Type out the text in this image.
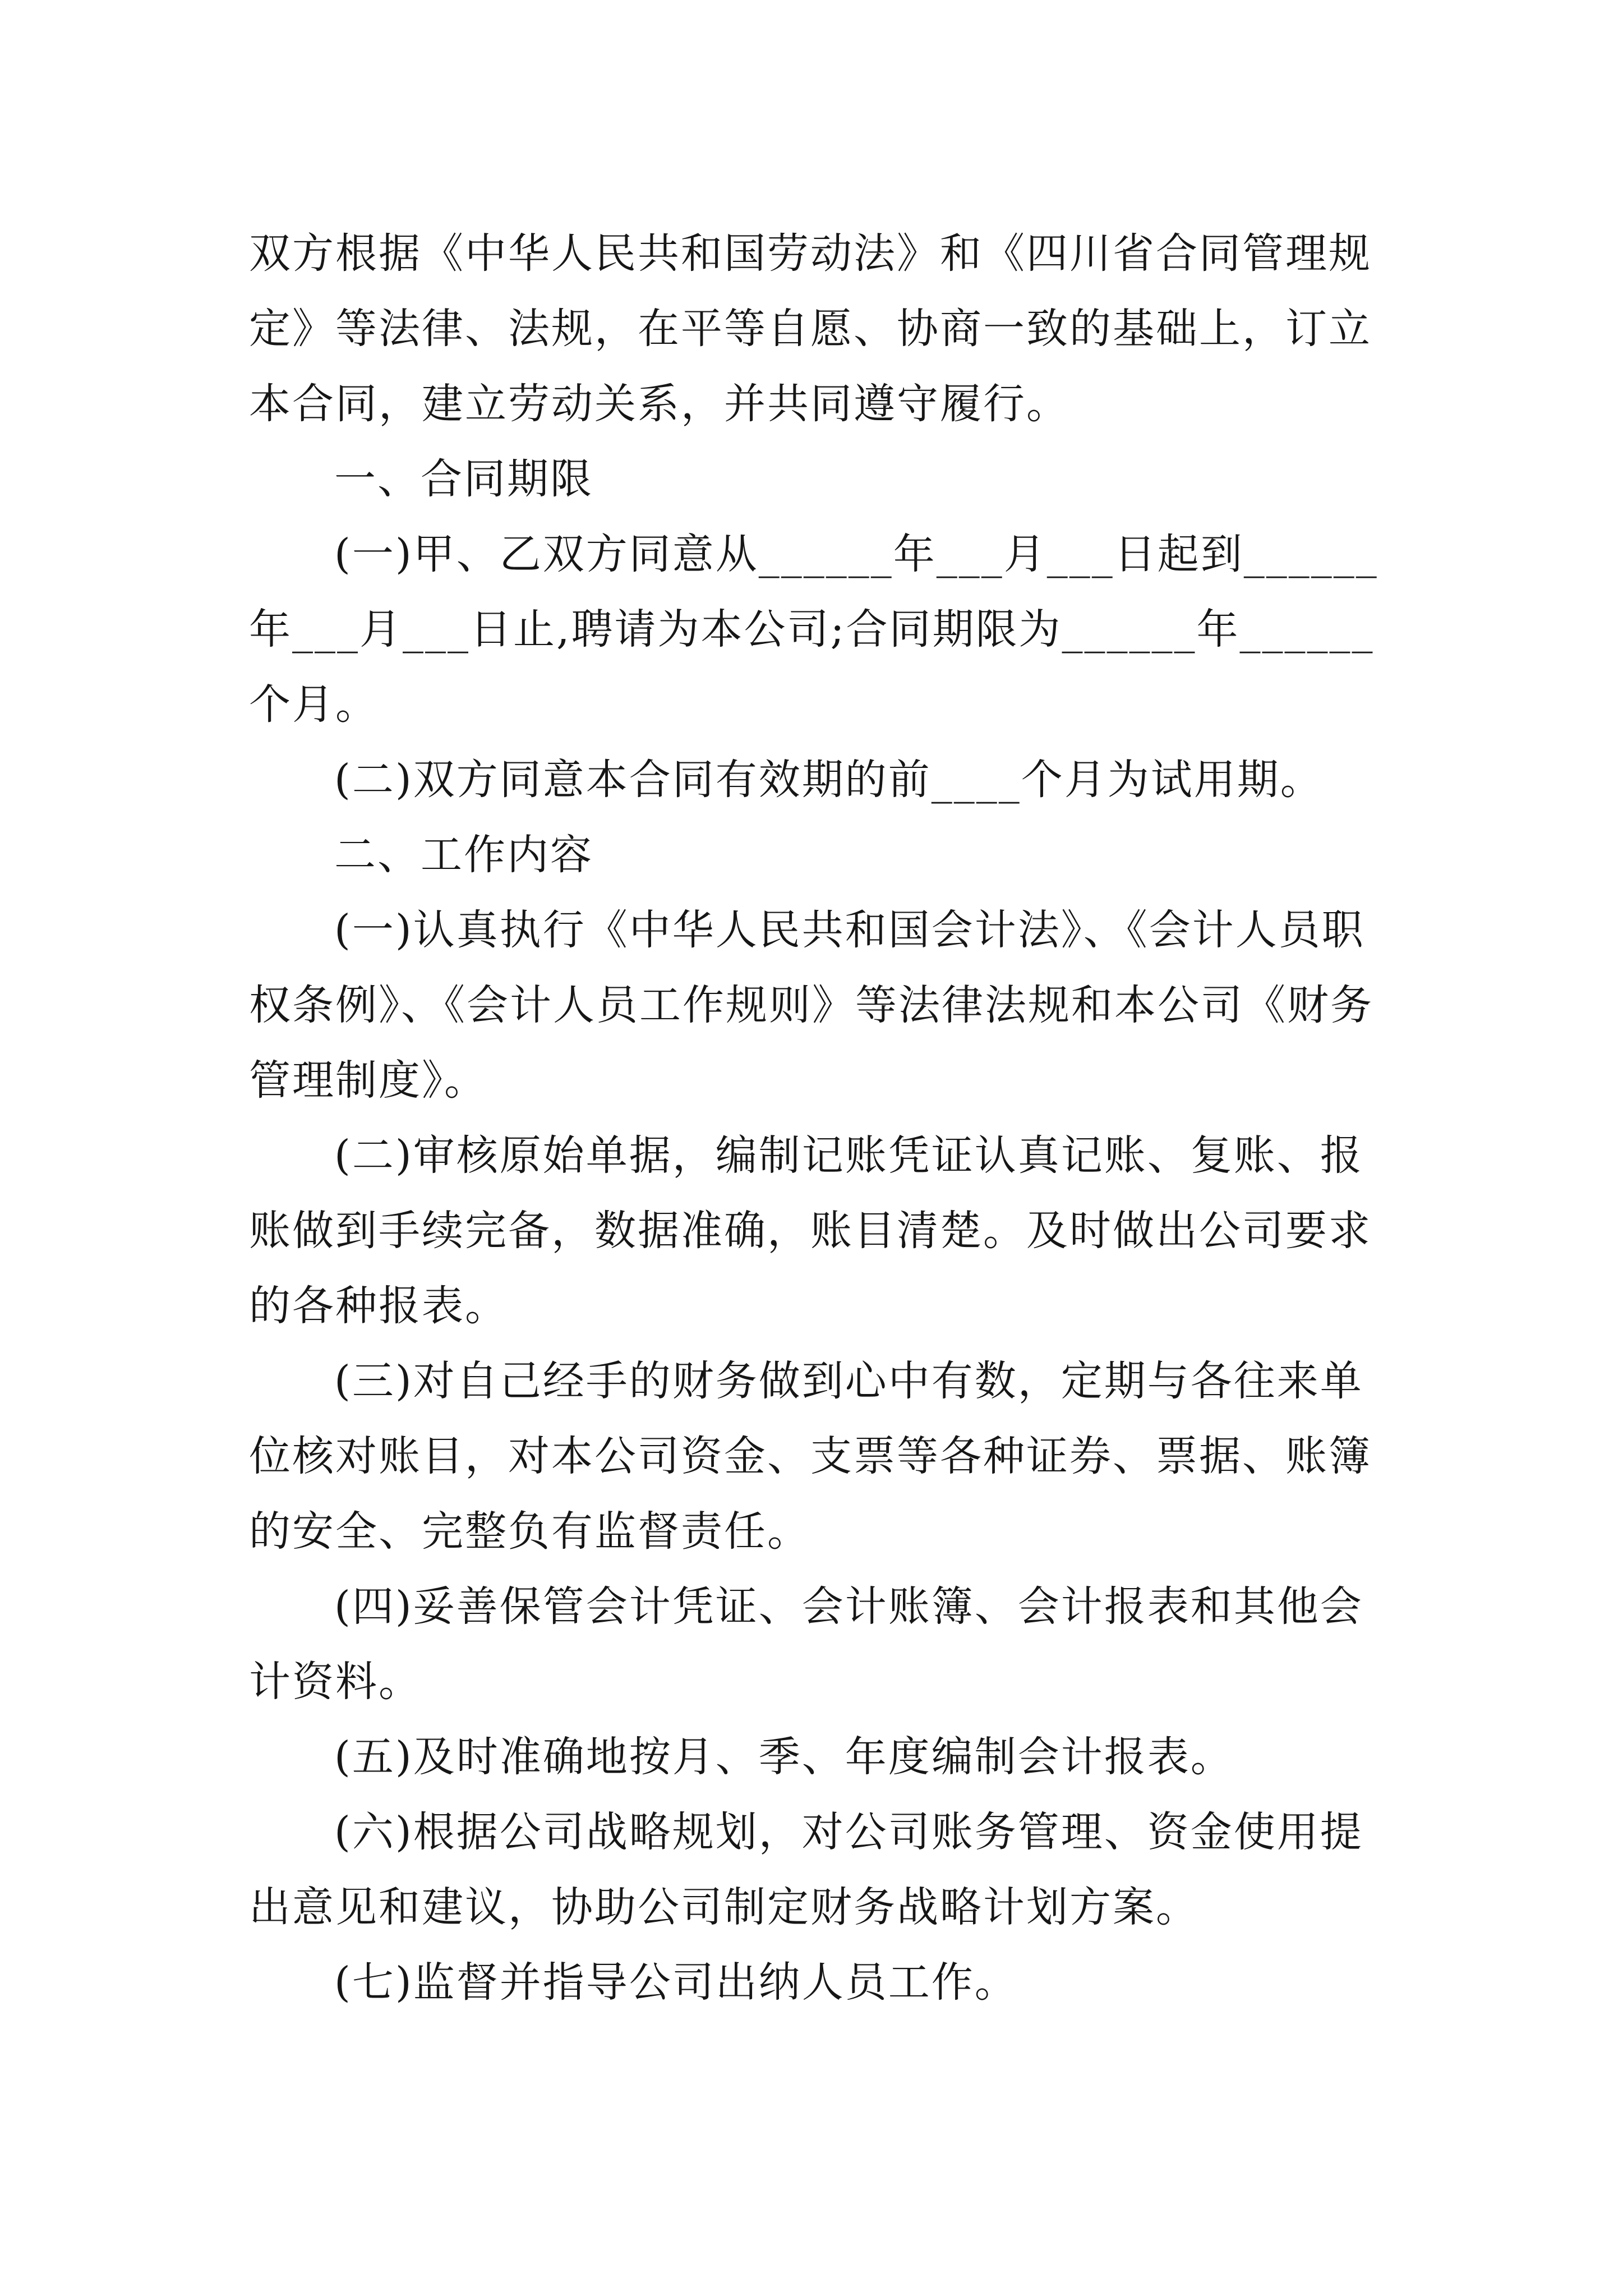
双方根据《中华人民共和国劳动法》和《四川省合同管理规
定》等法律、法规，在平等自愿、协商一致的基础上，订立
本合同，建立劳动关系，并共同遵守履行。
一、合同期限
(一)甲、乙双方同意从______年___月___日起到______
年___月___日止,聘请为本公司;合同期限为______年______
个月。
(二)双方同意本合同有效期的前____个月为试用期。
二、工作内容
(一)认真执行《中华人民共和国会计法》、《会计人员职
权条例》、《会计人员工作规则》等法律法规和本公司《财务
管理制度》。
(二)审核原始单据，编制记账凭证认真记账、复账、报
账做到手续完备，数据准确，账目清楚。及时做出公司要求
的各种报表。
(三)对自己经手的财务做到心中有数，定期与各往来单
位核对账目，对本公司资金、支票等各种证券、票据、账簿
的安全、完整负有监督责任。
(四)妥善保管会计凭证、会计账簿、会计报表和其他会
计资料。
(五)及时准确地按月、季、年度编制会计报表。
(六)根据公司战略规划，对公司账务管理、资金使用提
出意见和建议，协助公司制定财务战略计划方案。
(七)监督并指导公司出纳人员工作。
